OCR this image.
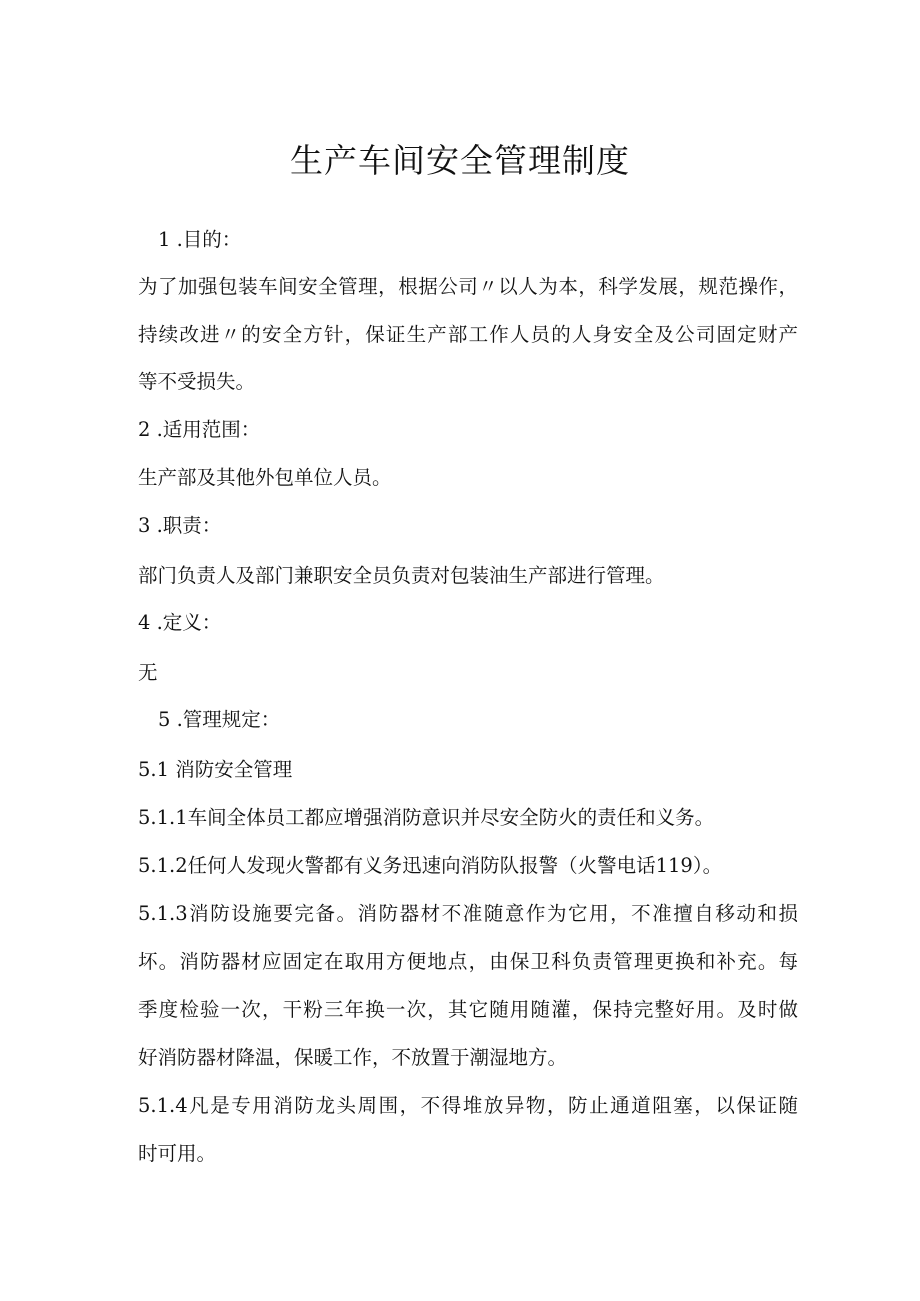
生产车间安全管理制度
1 .目的：
为了加强包装车间安全管理，根据公司〃以人为本，科学发展，规范操作，
持续改进〃的安全方针，保证生产部工作人员的人身安全及公司固定财产
等不受损失。
2 .适用范围：
生产部及其他外包单位人员。
3 .职责：
部门负责人及部门兼职安全员负责对包装油生产部进行管理。
4 .定义：
无
5 .管理规定：
5.1 消防安全管理
5.1.1车间全体员工都应增强消防意识并尽安全防火的责任和义务。
5.1.2任何人发现火警都有义务迅速向消防队报警（火警电话119）。
5.1.3消防设施要完备。消防器材不准随意作为它用，不准擅自移动和损
坏。消防器材应固定在取用方便地点，由保卫科负责管理更换和补充。每
季度检验一次，干粉三年换一次，其它随用随灌，保持完整好用。及时做
好消防器材降温，保暖工作，不放置于潮湿地方。
5.1.4凡是专用消防龙头周围，不得堆放异物，防止通道阻塞，以保证随
时可用。
